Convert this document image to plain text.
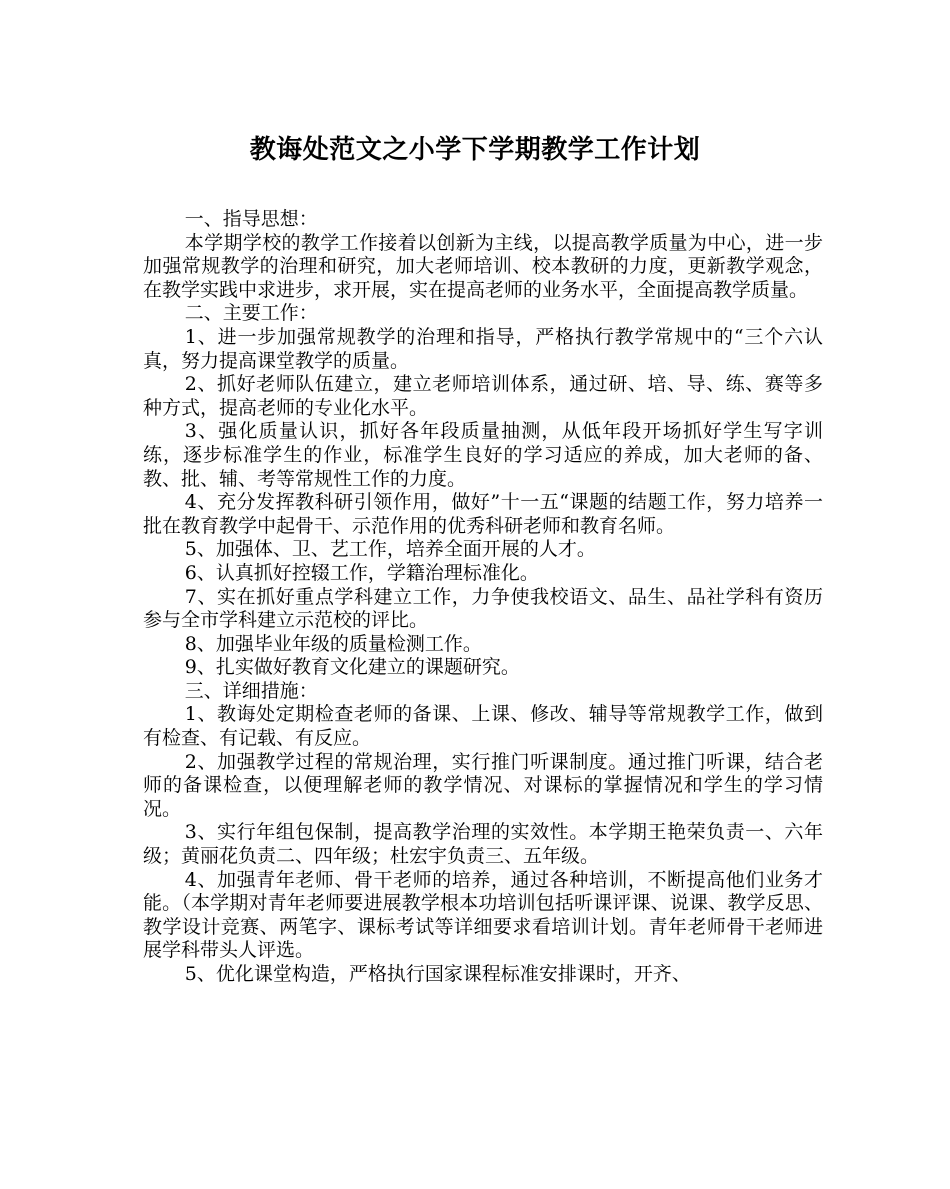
教诲处范文之小学下学期教学工作计划

一、指导思想：

本学期学校的教学工作接着以创新为主线，以提高教学质量为中心，进一步加强常规教学的治理和研究，加大老师培训、校本教研的力度，更新教学观念，在教学实践中求进步，求开展，实在提高老师的业务水平，全面提高教学质量。

二、主要工作：

1、进一步加强常规教学的治理和指导，严格执行教学常规中的“三个六认真，努力提高课堂教学的质量。

2、抓好老师队伍建立，建立老师培训体系，通过研、培、导、练、赛等多种方式，提高老师的专业化水平。

3、强化质量认识，抓好各年段质量抽测，从低年段开场抓好学生写字训练，逐步标准学生的作业，标准学生良好的学习适应的养成，加大老师的备、教、批、辅、考等常规性工作的力度。

4、充分发挥教科研引领作用，做好”十一五“课题的结题工作，努力培养一批在教育教学中起骨干、示范作用的优秀科研老师和教育名师。

5、加强体、卫、艺工作，培养全面开展的人才。

6、认真抓好控辍工作，学籍治理标准化。

7、实在抓好重点学科建立工作，力争使我校语文、品生、品社学科有资历参与全市学科建立示范校的评比。

8、加强毕业年级的质量检测工作。

9、扎实做好教育文化建立的课题研究。

三、详细措施：

1、教诲处定期检查老师的备课、上课、修改、辅导等常规教学工作，做到有检查、有记载、有反应。

2、加强教学过程的常规治理，实行推门听课制度。通过推门听课，结合老师的备课检查，以便理解老师的教学情况、对课标的掌握情况和学生的学习情况。

3、实行年组包保制，提高教学治理的实效性。本学期王艳荣负责一、六年级；黄丽花负责二、四年级；杜宏宇负责三、五年级。

4、加强青年老师、骨干老师的培养，通过各种培训，不断提高他们业务才能。（本学期对青年老师要进展教学根本功培训包括听课评课、说课、教学反思、教学设计竞赛、两笔字、课标考试等详细要求看培训计划。青年老师骨干老师进展学科带头人评选。

5、优化课堂构造，严格执行国家课程标准安排课时，开齐、
